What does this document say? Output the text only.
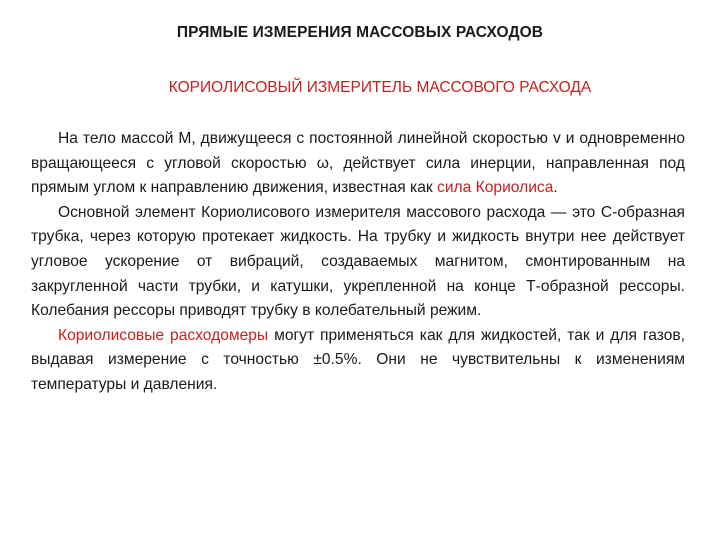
ПРЯМЫЕ ИЗМЕРЕНИЯ МАССОВЫХ РАСХОДОВ
КОРИОЛИСОВЫЙ ИЗМЕРИТЕЛЬ МАССОВОГО РАСХОДА

На тело массой М, движущееся с постоянной линейной скоростью v и одновременно вращающееся с угловой скоростью ω, действует сила инерции, направленная под прямым углом к направлению движения, известная как сила Кориолиса.

Основной элемент Кориолисового измерителя массового расхода — это С-образная трубка, через которую протекает жидкость. На трубку и жидкость внутри нее действует угловое ускорение от вибраций, создаваемых магнитом, смонтированным на закругленной части трубки, и катушки, укрепленной на конце Т-образной рессоры. Колебания рессоры приводят трубку в колебательный режим.

Кориолисовые расходомеры могут применяться как для жидкостей, так и для газов, выдавая измерение с точностью ±0.5%. Они не чувствительны к изменениям температуры и давления.
